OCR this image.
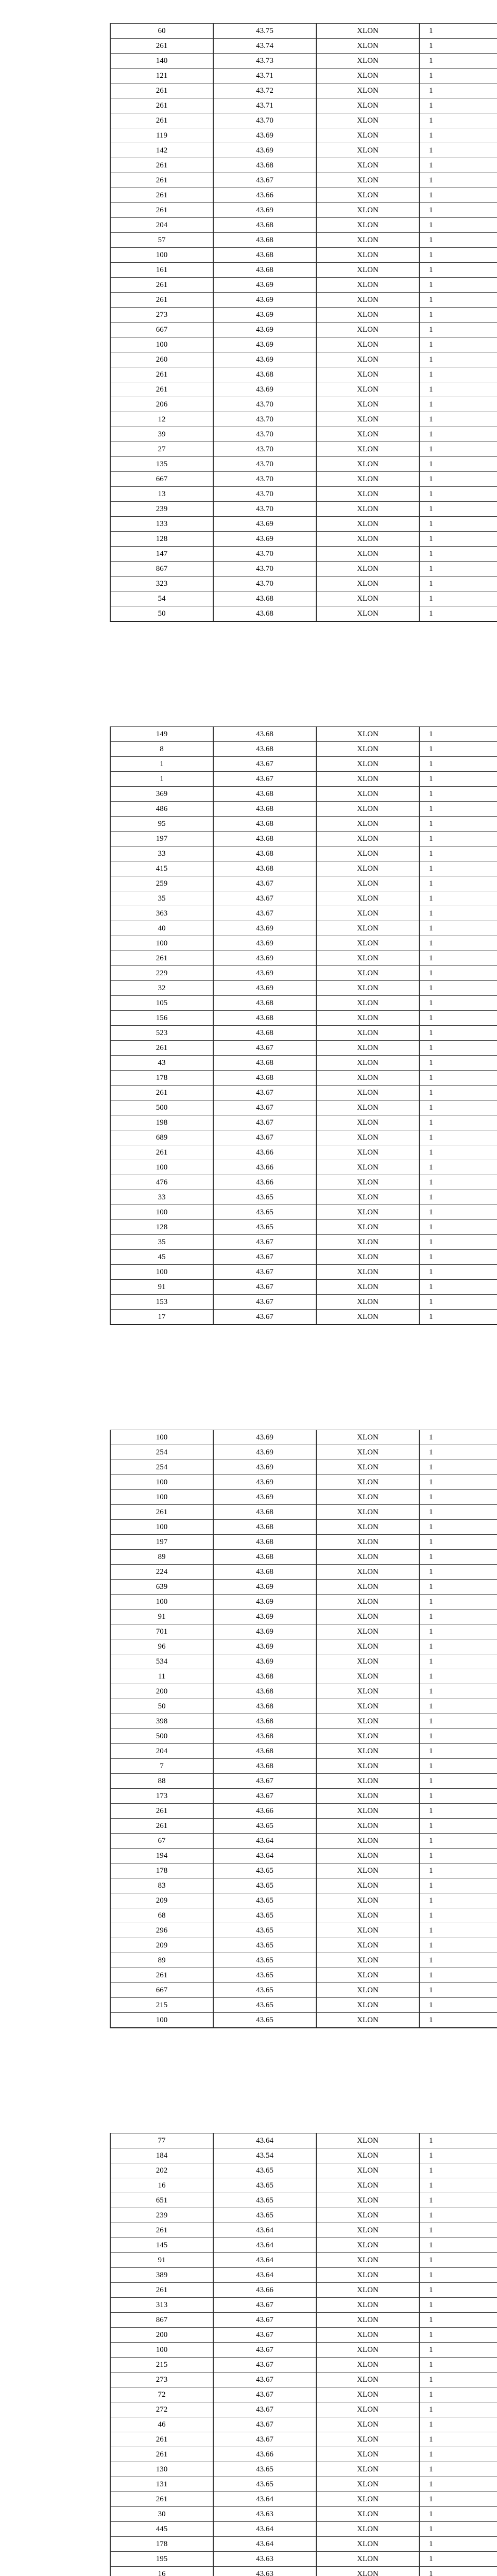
60	43.75	XLON	1
261	43.74	XLON	1
140	43.73	XLON	1
121	43.71	XLON	1
261	43.72	XLON	1
261	43.71	XLON	1
261	43.70	XLON	1
119	43.69	XLON	1
142	43.69	XLON	1
261	43.68	XLON	1
261	43.67	XLON	1
261	43.66	XLON	1
261	43.69	XLON	1
204	43.68	XLON	1
57	43.68	XLON	1
100	43.68	XLON	1
161	43.68	XLON	1
261	43.69	XLON	1
261	43.69	XLON	1
273	43.69	XLON	1
667	43.69	XLON	1
100	43.69	XLON	1
260	43.69	XLON	1
261	43.68	XLON	1
261	43.69	XLON	1
206	43.70	XLON	1
12	43.70	XLON	1
39	43.70	XLON	1
27	43.70	XLON	1
135	43.70	XLON	1
667	43.70	XLON	1
13	43.70	XLON	1
239	43.70	XLON	1
133	43.69	XLON	1
128	43.69	XLON	1
147	43.70	XLON	1
867	43.70	XLON	1
323	43.70	XLON	1
54	43.68	XLON	1
50	43.68	XLON	1
149	43.68	XLON	1
8	43.68	XLON	1
1	43.67	XLON	1
1	43.67	XLON	1
369	43.68	XLON	1
486	43.68	XLON	1
95	43.68	XLON	1
197	43.68	XLON	1
33	43.68	XLON	1
415	43.68	XLON	1
259	43.67	XLON	1
35	43.67	XLON	1
363	43.67	XLON	1
40	43.69	XLON	1
100	43.69	XLON	1
261	43.69	XLON	1
229	43.69	XLON	1
32	43.69	XLON	1
105	43.68	XLON	1
156	43.68	XLON	1
523	43.68	XLON	1
261	43.67	XLON	1
43	43.68	XLON	1
178	43.68	XLON	1
261	43.67	XLON	1
500	43.67	XLON	1
198	43.67	XLON	1
689	43.67	XLON	1
261	43.66	XLON	1
100	43.66	XLON	1
476	43.66	XLON	1
33	43.65	XLON	1
100	43.65	XLON	1
128	43.65	XLON	1
35	43.67	XLON	1
45	43.67	XLON	1
100	43.67	XLON	1
91	43.67	XLON	1
153	43.67	XLON	1
17	43.67	XLON	1
100	43.69	XLON	1
254	43.69	XLON	1
254	43.69	XLON	1
100	43.69	XLON	1
100	43.69	XLON	1
261	43.68	XLON	1
100	43.68	XLON	1
197	43.68	XLON	1
89	43.68	XLON	1
224	43.68	XLON	1
639	43.69	XLON	1
100	43.69	XLON	1
91	43.69	XLON	1
701	43.69	XLON	1
96	43.69	XLON	1
534	43.69	XLON	1
11	43.68	XLON	1
200	43.68	XLON	1
50	43.68	XLON	1
398	43.68	XLON	1
500	43.68	XLON	1
204	43.68	XLON	1
7	43.68	XLON	1
88	43.67	XLON	1
173	43.67	XLON	1
261	43.66	XLON	1
261	43.65	XLON	1
67	43.64	XLON	1
194	43.64	XLON	1
178	43.65	XLON	1
83	43.65	XLON	1
209	43.65	XLON	1
68	43.65	XLON	1
296	43.65	XLON	1
209	43.65	XLON	1
89	43.65	XLON	1
261	43.65	XLON	1
667	43.65	XLON	1
215	43.65	XLON	1
100	43.65	XLON	1
77	43.64	XLON	1
184	43.54	XLON	1
202	43.65	XLON	1
16	43.65	XLON	1
651	43.65	XLON	1
239	43.65	XLON	1
261	43.64	XLON	1
145	43.64	XLON	1
91	43.64	XLON	1
389	43.64	XLON	1
261	43.66	XLON	1
313	43.67	XLON	1
867	43.67	XLON	1
200	43.67	XLON	1
100	43.67	XLON	1
215	43.67	XLON	1
273	43.67	XLON	1
72	43.67	XLON	1
272	43.67	XLON	1
46	43.67	XLON	1
261	43.67	XLON	1
261	43.66	XLON	1
130	43.65	XLON	1
131	43.65	XLON	1
261	43.64	XLON	1
30	43.63	XLON	1
445	43.64	XLON	1
178	43.64	XLON	1
195	43.63	XLON	1
16	43.63	XLON	1
